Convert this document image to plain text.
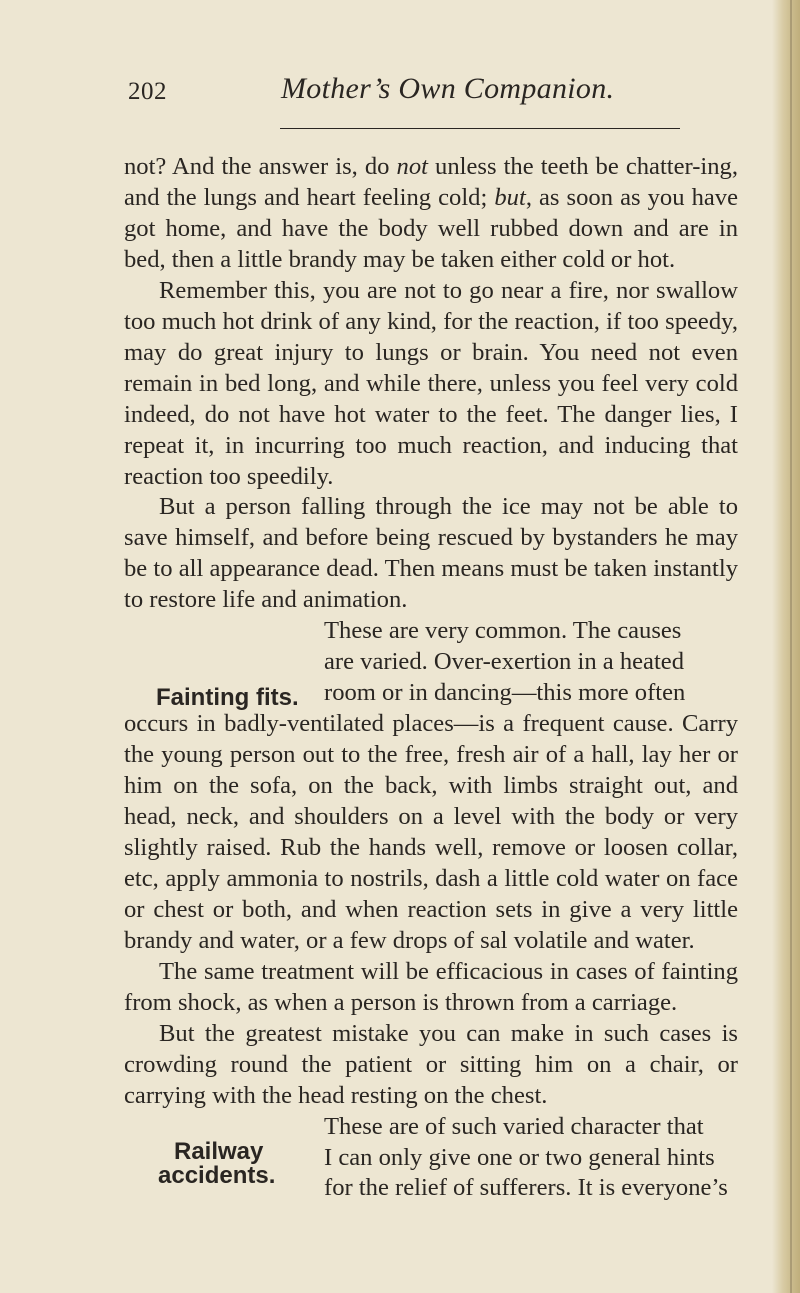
202	Mother’s Own Companion.
Fainting fits.
Railway
accidents.

not? And the answer is, do not unless the teeth be chatter-ing, and the lungs and heart feeling cold; but, as soon as you have got home, and have the body well rubbed down and are in bed, then a little brandy may be taken either cold or hot.

Remember this, you are not to go near a fire, nor swallow too much hot drink of any kind, for the reaction, if too speedy, may do great injury to lungs or brain. You need not even remain in bed long, and while there, unless you feel very cold indeed, do not have hot water to the feet. The danger lies, I repeat it, in incurring too much reaction, and inducing that reaction too speedily.

But a person falling through the ice may not be able to save himself, and before being rescued by bystanders he may be to all appearance dead. Then means must be taken instantly to restore life and animation.

These are very common. The causes

are varied. Over-exertion in a heated

room or in dancing—this more often

occurs in badly-ventilated places—is a frequent cause. Carry the young person out to the free, fresh air of a hall, lay her or him on the sofa, on the back, with limbs straight out, and head, neck, and shoulders on a level with the body or very slightly raised. Rub the hands well, remove or loosen collar, etc, apply ammonia to nostrils, dash a little cold water on face or chest or both, and when reaction sets in give a very little brandy and water, or a few drops of sal volatile and water.

The same treatment will be efficacious in cases of fainting from shock, as when a person is thrown from a carriage.

But the greatest mistake you can make in such cases is crowding round the patient or sitting him on a chair, or carrying with the head resting on the chest.

These are of such varied character that

I can only give one or two general hints

for the relief of sufferers. It is everyone’s
